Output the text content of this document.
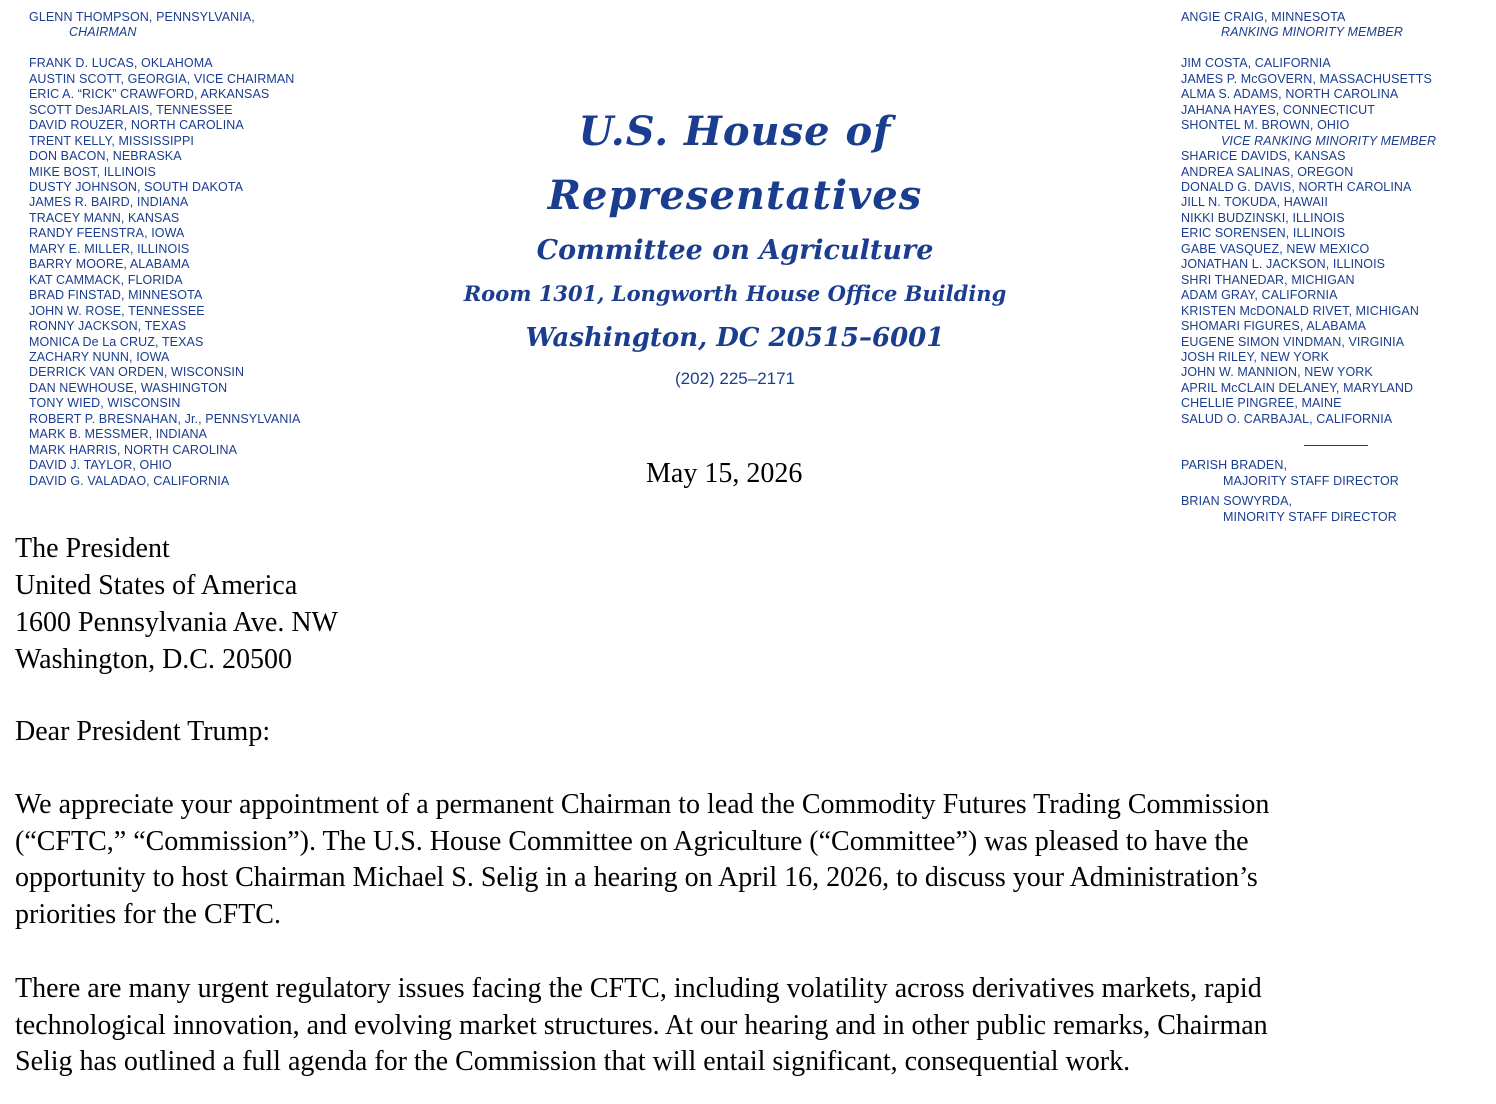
GLENN THOMPSON, PENNSYLVANIA,
CHAIRMAN
FRANK D. LUCAS, OKLAHOMA
AUSTIN SCOTT, GEORGIA, VICE CHAIRMAN
ERIC A. “RICK” CRAWFORD, ARKANSAS
SCOTT DesJARLAIS, TENNESSEE
DAVID ROUZER, NORTH CAROLINA
TRENT KELLY, MISSISSIPPI
DON BACON, NEBRASKA
MIKE BOST, ILLINOIS
DUSTY JOHNSON, SOUTH DAKOTA
JAMES R. BAIRD, INDIANA
TRACEY MANN, KANSAS
RANDY FEENSTRA, IOWA
MARY E. MILLER, ILLINOIS
BARRY MOORE, ALABAMA
KAT CAMMACK, FLORIDA
BRAD FINSTAD, MINNESOTA
JOHN W. ROSE, TENNESSEE
RONNY JACKSON, TEXAS
MONICA De La CRUZ, TEXAS
ZACHARY NUNN, IOWA
DERRICK VAN ORDEN, WISCONSIN
DAN NEWHOUSE, WASHINGTON
TONY WIED, WISCONSIN
ROBERT P. BRESNAHAN, Jr., PENNSYLVANIA
MARK B. MESSMER, INDIANA
MARK HARRIS, NORTH CAROLINA
DAVID J. TAYLOR, OHIO
DAVID G. VALADAO, CALIFORNIA
ANGIE CRAIG, MINNESOTA
RANKING MINORITY MEMBER
JIM COSTA, CALIFORNIA
JAMES P. McGOVERN, MASSACHUSETTS
ALMA S. ADAMS, NORTH CAROLINA
JAHANA HAYES, CONNECTICUT
SHONTEL M. BROWN, OHIO
VICE RANKING MINORITY MEMBER
SHARICE DAVIDS, KANSAS
ANDREA SALINAS, OREGON
DONALD G. DAVIS, NORTH CAROLINA
JILL N. TOKUDA, HAWAII
NIKKI BUDZINSKI, ILLINOIS
ERIC SORENSEN, ILLINOIS
GABE VASQUEZ, NEW MEXICO
JONATHAN L. JACKSON, ILLINOIS
SHRI THANEDAR, MICHIGAN
ADAM GRAY, CALIFORNIA
KRISTEN McDONALD RIVET, MICHIGAN
SHOMARI FIGURES, ALABAMA
EUGENE SIMON VINDMAN, VIRGINIA
JOSH RILEY, NEW YORK
JOHN W. MANNION, NEW YORK
APRIL McCLAIN DELANEY, MARYLAND
CHELLIE PINGREE, MAINE
SALUD O. CARBAJAL, CALIFORNIA
PARISH BRADEN,
MAJORITY STAFF DIRECTOR
BRIAN SOWYRDA,
MINORITY STAFF DIRECTOR
U.S. House of Representatives
Committee on Agriculture
Room 1301, Longworth House Office Building
Washington, DC 20515–6001
(202) 225–2171
May 15, 2026
The President
United States of America
1600 Pennsylvania Ave. NW
Washington, D.C. 20500
Dear President Trump:

We appreciate your appointment of a permanent Chairman to lead the Commodity Futures Trading Commission
(“CFTC,” “Commission”). The U.S. House Committee on Agriculture (“Committee”) was pleased to have the
opportunity to host Chairman Michael S. Selig in a hearing on April 16, 2026, to discuss your Administration’s
priorities for the CFTC.

There are many urgent regulatory issues facing the CFTC, including volatility across derivatives markets, rapid
technological innovation, and evolving market structures. At our hearing and in other public remarks, Chairman
Selig has outlined a full agenda for the Commission that will entail significant, consequential work.
